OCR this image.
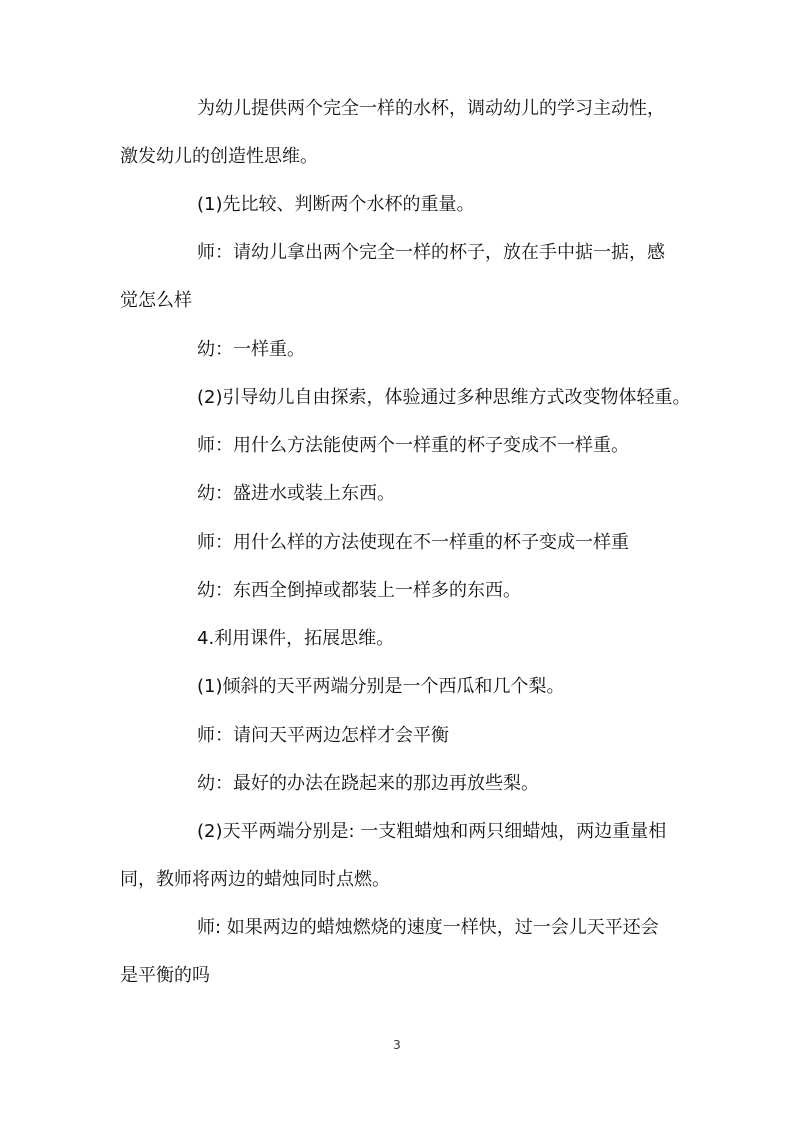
为幼儿提供两个完全一样的水杯，调动幼儿的学习主动性，
激发幼儿的创造性思维。

(1)先比较、判断两个水杯的重量。

师：请幼儿拿出两个完全一样的杯子，放在手中掂一掂，感
觉怎么样

幼：一样重。

(2)引导幼儿自由探索，体验通过多种思维方式改变物体轻重。

师：用什么方法能使两个一样重的杯子变成不一样重。

幼：盛进水或装上东西。

师：用什么样的方法使现在不一样重的杯子变成一样重

幼：东西全倒掉或都装上一样多的东西。

4.利用课件，拓展思维。

(1)倾斜的天平两端分别是一个西瓜和几个梨。

师：请问天平两边怎样才会平衡

幼：最好的办法在跷起来的那边再放些梨。

(2)天平两端分别是: 一支粗蜡烛和两只细蜡烛，两边重量相
同，教师将两边的蜡烛同时点燃。

师: 如果两边的蜡烛燃烧的速度一样快，过一会儿天平还会
是平衡的吗

3
